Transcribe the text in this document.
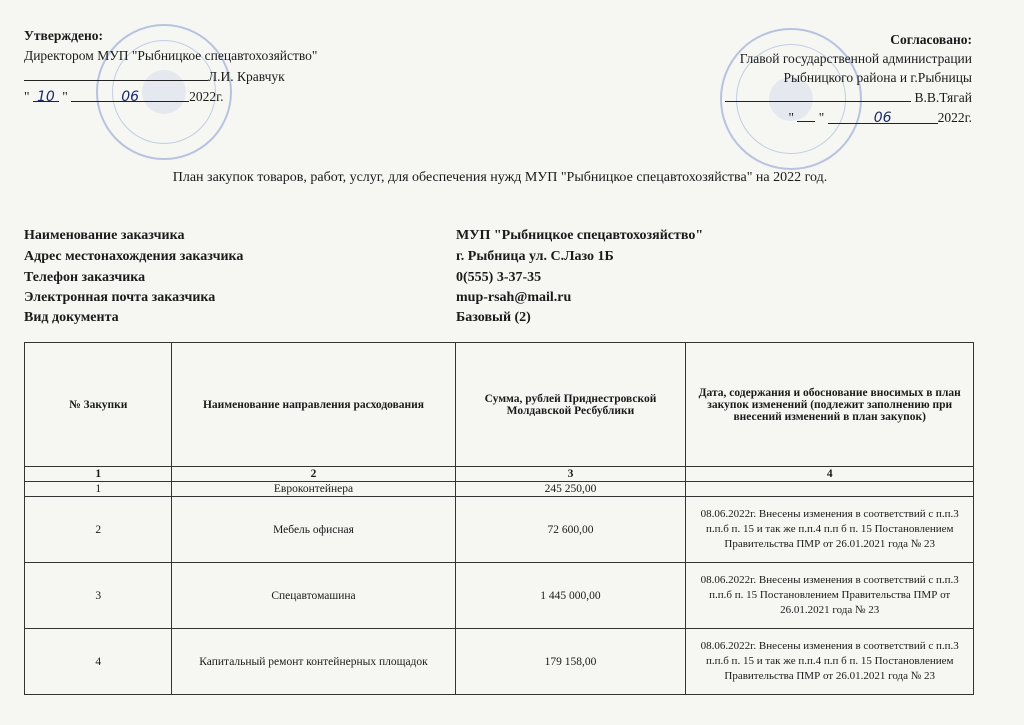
Утверждено:
Директором МУП "Рыбницкое спецавтохозяйство"
Л.И. Кравчук
" 10 "	06	2022г.
Согласовано:
Главой государственной администрации
Рыбницкого района и г.Рыбницы
В.В.Тягай
" "	06	2022г.
План закупок товаров, работ, услуг, для обеспечения нужд МУП "Рыбницкое спецавтохозяйства" на 2022 год.
Наименование заказчика	МУП "Рыбницкое спецавтохозяйство"
Адрес местонахождения заказчика	г. Рыбница ул. С.Лазо 1Б
Телефон заказчика	0(555) 3-37-35
Электронная почта заказчика	mup-rsah@mail.ru
Вид документа	Базовый (2)
№ Закупки	Наименование направления расходования	Сумма, рублей Приднестровской Молдавской Ресбублики	Дата, содержания и обоснование вносимых в план закупок изменений (подлежит заполнению при внесений изменений в план закупок)
1	2	3	4
1	Евроконтейнера	245 250,00	
2	Мебель офисная	72 600,00	08.06.2022г. Внесены изменения в соответствий с п.п.3 п.п.б п. 15 и так же п.п.4 п.п б п. 15 Постановлением Правительства ПМР от 26.01.2021 года № 23
3	Спецавтомашина	1 445 000,00	08.06.2022г. Внесены изменения в соответствий с п.п.3 п.п.б п. 15 Постановлением Правительства ПМР от 26.01.2021 года № 23
4	Капитальный ремонт контейнерных площадок	179 158,00	08.06.2022г. Внесены изменения в соответствий с п.п.3 п.п.б п. 15 и так же п.п.4 п.п б п. 15 Постановлением Правительства ПМР от 26.01.2021 года № 23
